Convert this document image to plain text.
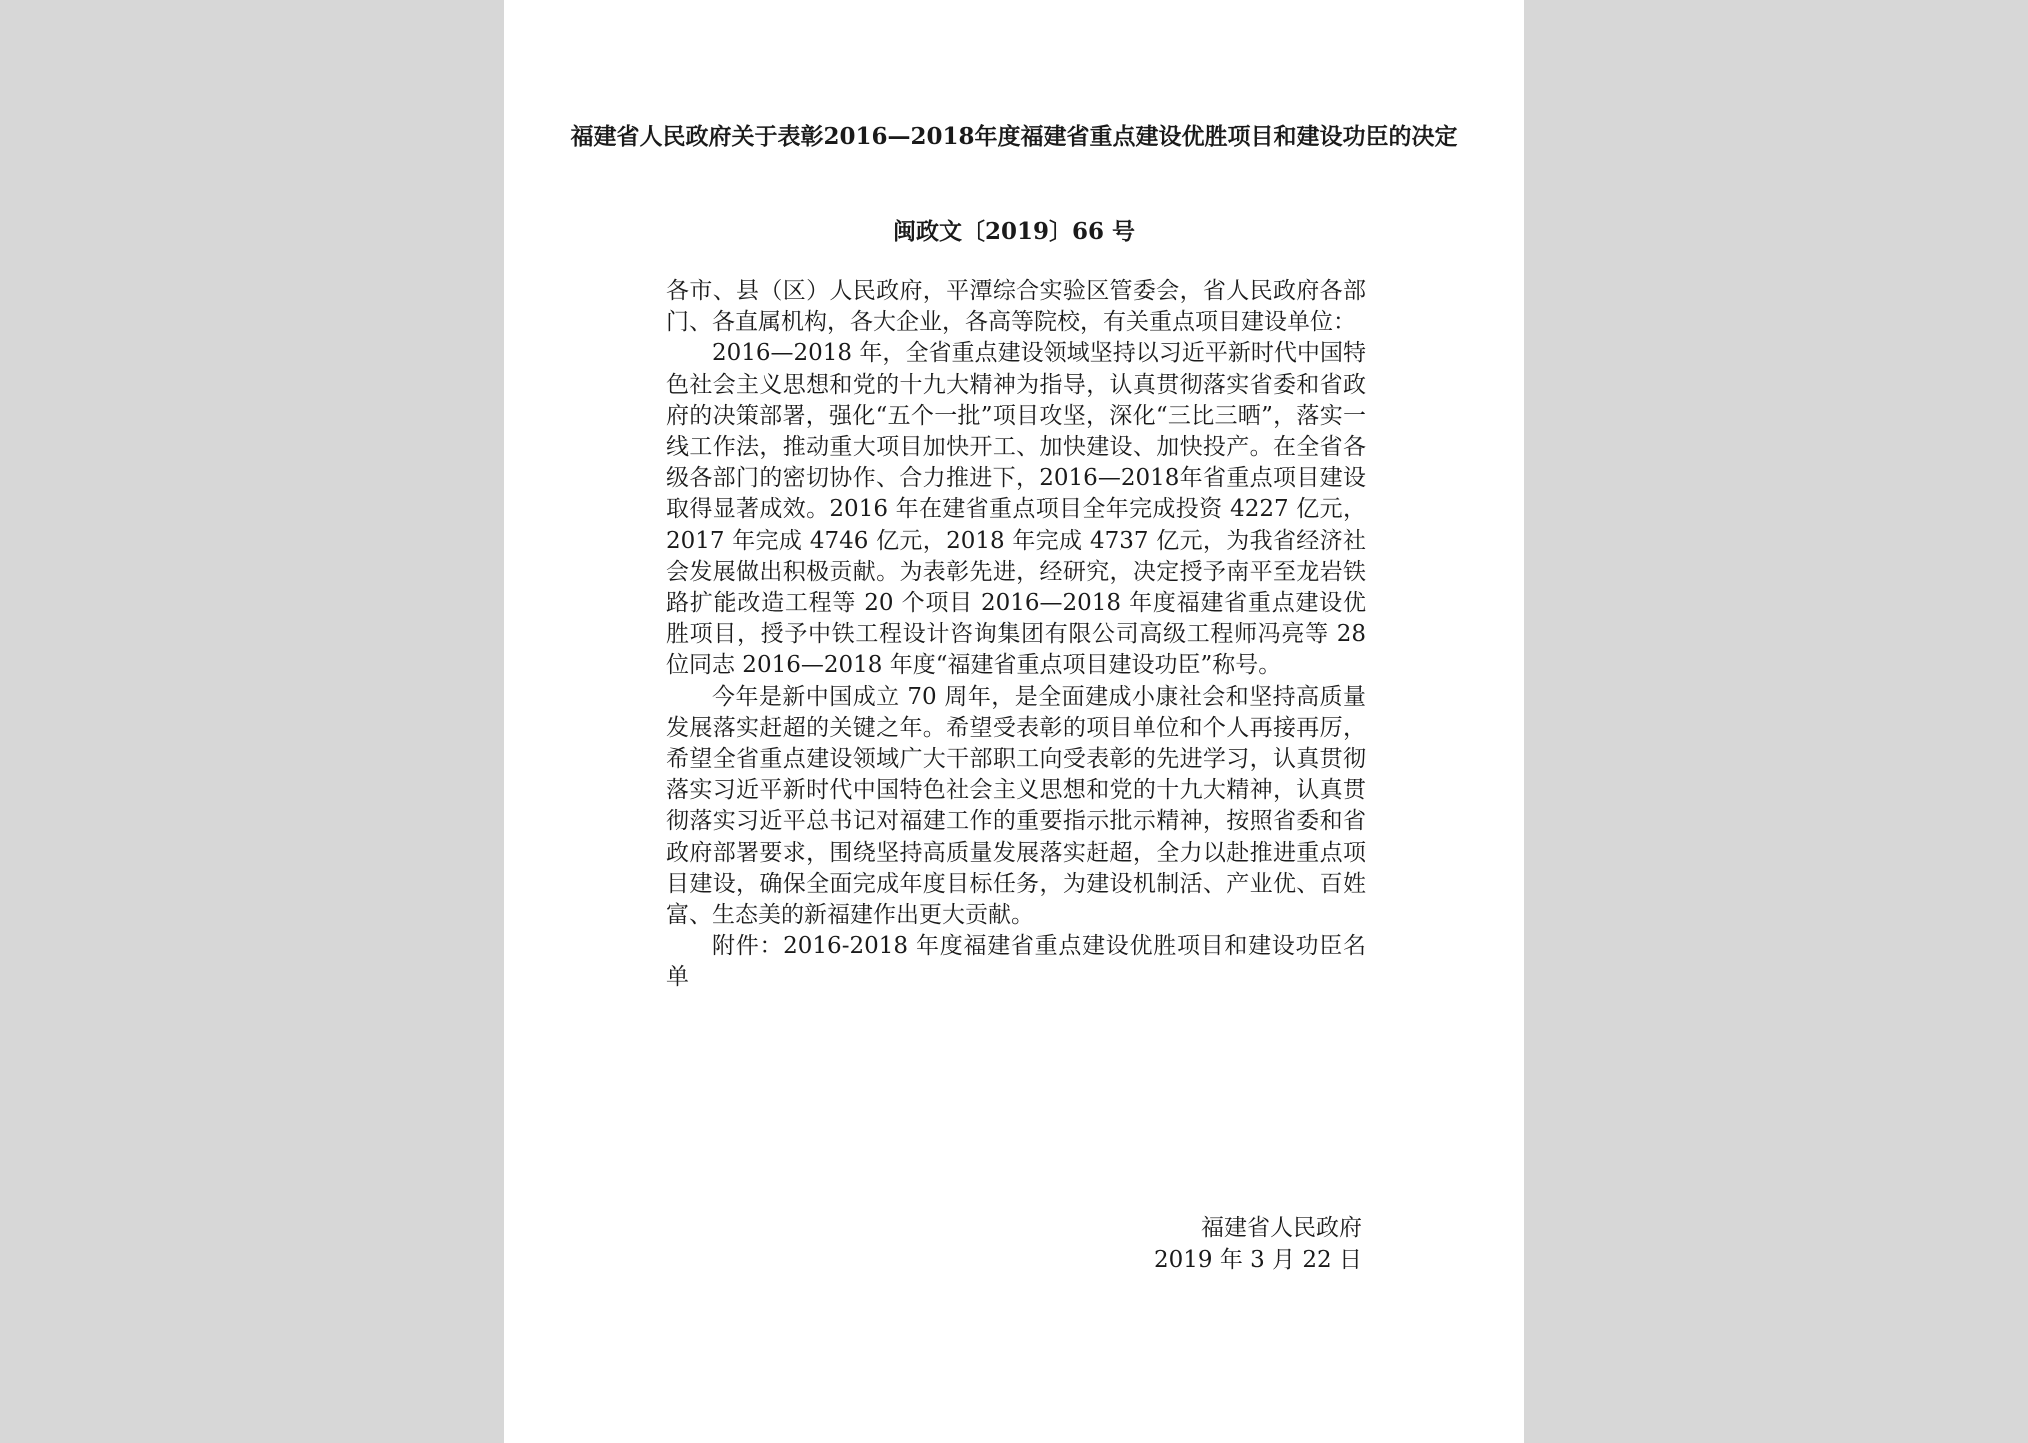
福建省人民政府关于表彰2016—2018年度福建省重点建设优胜项目和建设功臣的决定
闽政文〔2019〕66 号

各市、县（区）人民政府，平潭综合实验区管委会，省人民政府各部门、各直属机构，各大企业，各高等院校，有关重点项目建设单位：

2016—2018 年，全省重点建设领域坚持以习近平新时代中国特色社会主义思想和党的十九大精神为指导，认真贯彻落实省委和省政府的决策部署，强化“五个一批”项目攻坚，深化“三比三晒”，落实一线工作法，推动重大项目加快开工、加快建设、加快投产。在全省各级各部门的密切协作、合力推进下，2016—2018年省重点项目建设取得显著成效。2016 年在建省重点项目全年完成投资 4227 亿元，2017 年完成 4746 亿元，2018 年完成 4737 亿元，为我省经济社会发展做出积极贡献。为表彰先进，经研究，决定授予南平至龙岩铁路扩能改造工程等 20 个项目 2016—2018 年度福建省重点建设优胜项目，授予中铁工程设计咨询集团有限公司高级工程师冯亮等 28 位同志 2016—2018 年度“福建省重点项目建设功臣”称号。

今年是新中国成立 70 周年，是全面建成小康社会和坚持高质量发展落实赶超的关键之年。希望受表彰的项目单位和个人再接再厉，希望全省重点建设领域广大干部职工向受表彰的先进学习，认真贯彻落实习近平新时代中国特色社会主义思想和党的十九大精神，认真贯彻落实习近平总书记对福建工作的重要指示批示精神，按照省委和省政府部署要求，围绕坚持高质量发展落实赶超，全力以赴推进重点项目建设，确保全面完成年度目标任务，为建设机制活、产业优、百姓富、生态美的新福建作出更大贡献。

附件：2016-2018 年度福建省重点建设优胜项目和建设功臣名单

福建省人民政府
2019 年 3 月 22 日
